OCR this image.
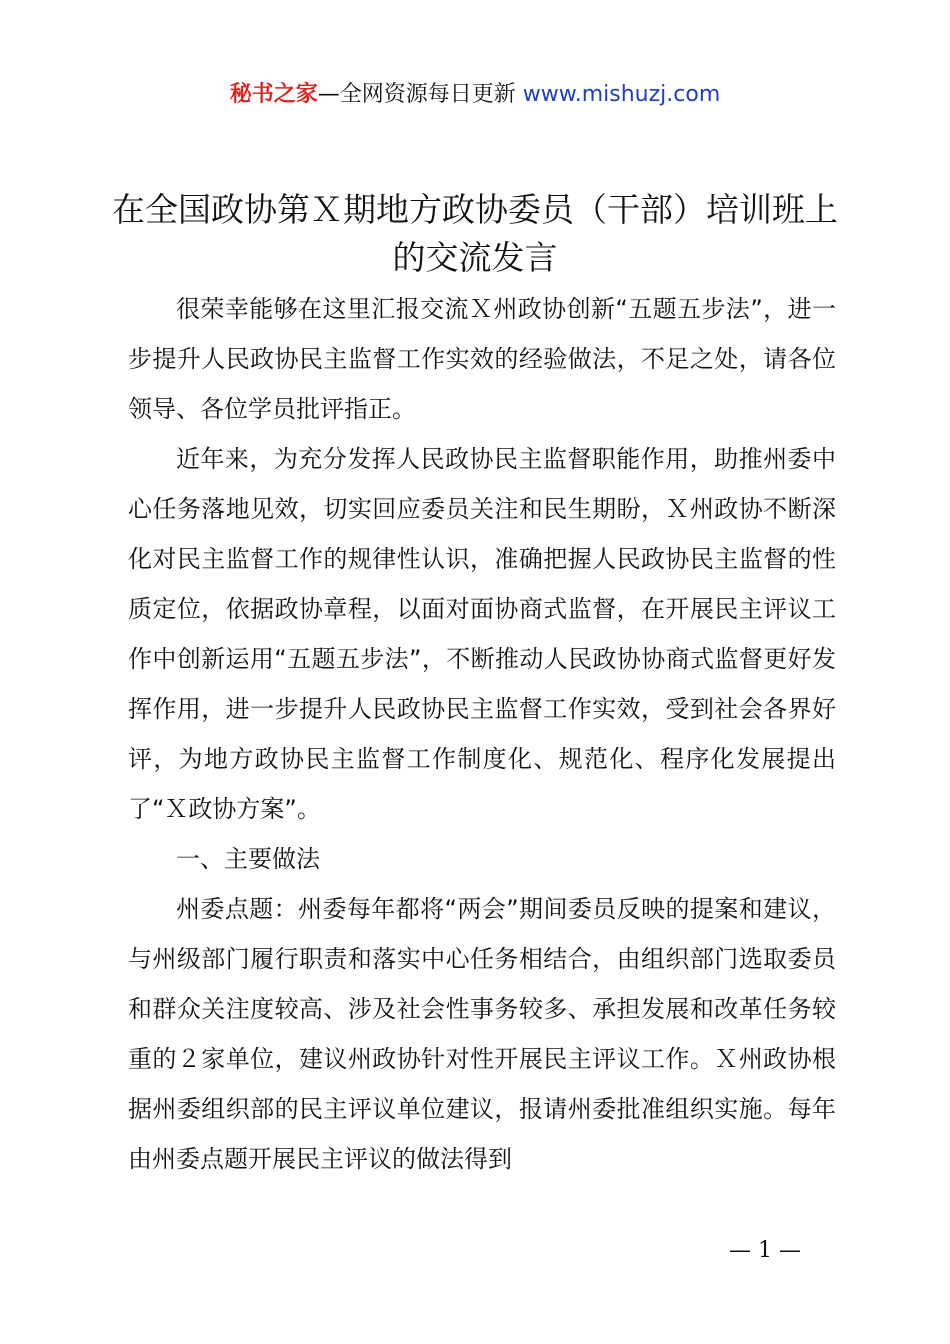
秘书之家—全网资源每日更新 www.mishuzj.com
在全国政协第Ｘ期地方政协委员（干部）培训班上的交流发言

很荣幸能够在这里汇报交流Ｘ州政协创新“五题五步法”，进一步提升人民政协民主监督工作实效的经验做法，不足之处，请各位领导、各位学员批评指正。

近年来，为充分发挥人民政协民主监督职能作用，助推州委中心任务落地见效，切实回应委员关注和民生期盼，Ｘ州政协不断深化对民主监督工作的规律性认识，准确把握人民政协民主监督的性质定位，依据政协章程，以面对面协商式监督，在开展民主评议工作中创新运用“五题五步法”，不断推动人民政协协商式监督更好发挥作用，进一步提升人民政协民主监督工作实效，受到社会各界好评，为地方政协民主监督工作制度化、规范化、程序化发展提出了“Ｘ政协方案”。

一、主要做法

州委点题：州委每年都将“两会”期间委员反映的提案和建议，与州级部门履行职责和落实中心任务相结合，由组织部门选取委员和群众关注度较高、涉及社会性事务较多、承担发展和改革任务较重的２家单位，建议州政协针对性开展民主评议工作。Ｘ州政协根据州委组织部的民主评议单位建议，报请州委批准组织实施。每年由州委点题开展民主评议的做法得到

— 1 —
